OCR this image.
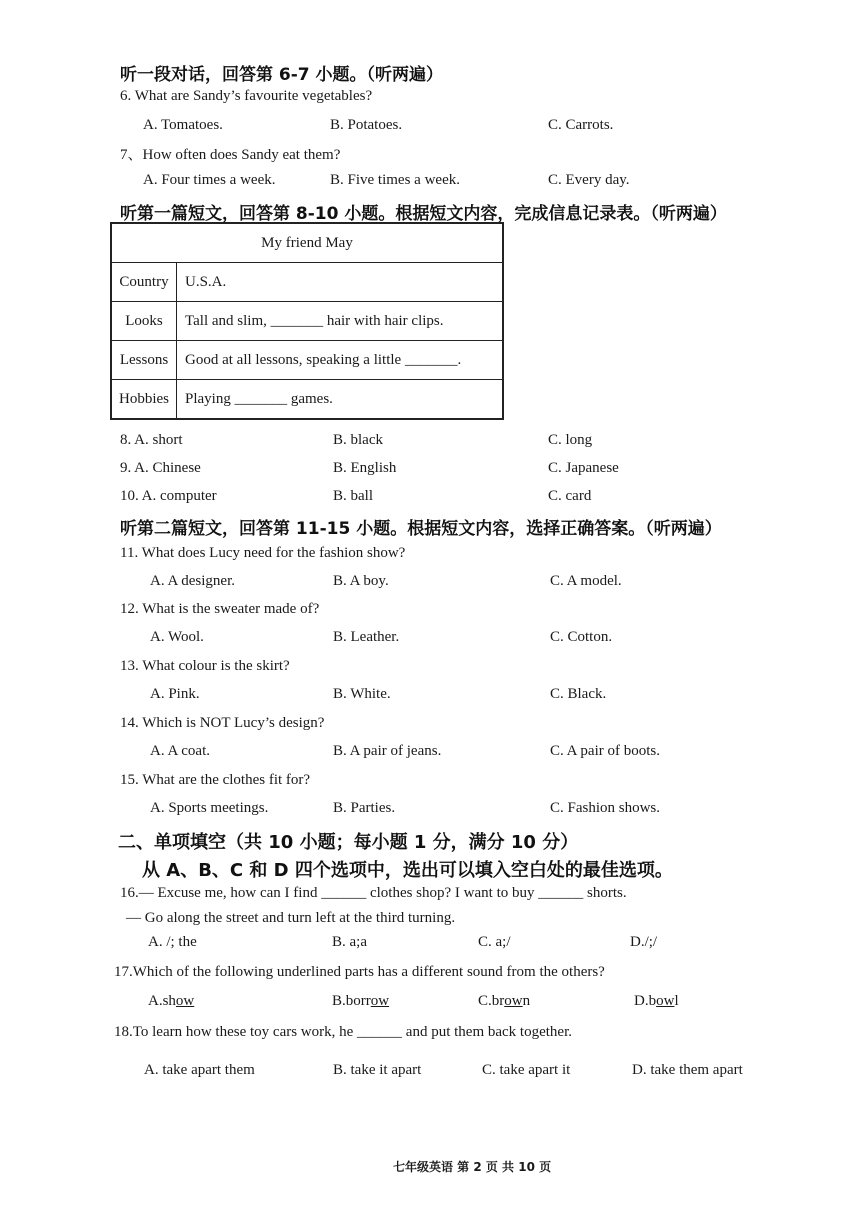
听一段对话，回答第 6-7 小题。（听两遍）
6. What are Sandy’s favourite vegetables?
A. Tomatoes.	B. Potatoes.	C. Carrots.
7、How often does Sandy eat them?
A. Four times a week.	B. Five times a week.	C. Every day.
听第一篇短文，回答第 8-10 小题。根据短文内容，完成信息记录表。（听两遍）
My friend May	
Country	U.S.A.
Looks	Tall and slim, _______ hair with hair clips.
Lessons	Good at all lessons, speaking a little _______.
Hobbies	Playing _______ games.
8. A. short	B. black	C. long
9. A. Chinese	B. English	C. Japanese
10. A. computer	B. ball	C. card
听第二篇短文，回答第 11-15 小题。根据短文内容，选择正确答案。（听两遍）
11. What does Lucy need for the fashion show?
A. A designer.	B. A boy.	C. A model.
12. What is the sweater made of?
A. Wool.	B. Leather.	C. Cotton.
13. What colour is the skirt?
A. Pink.	B. White.	C. Black.
14. Which is NOT Lucy’s design?
A. A coat.	B. A pair of jeans.	C. A pair of boots.
15. What are the clothes fit for?
A. Sports meetings.	B. Parties.	C. Fashion shows.
二、单项填空（共 10 小题；每小题 1 分，满分 10 分）
从 A、B、C 和 D 四个选项中，选出可以填入空白处的最佳选项。
16.— Excuse me, how can I find ______ clothes shop? I want to buy ______ shorts.
— Go along the street and turn left at the third turning.
A. /; the	B. a;a	C. a;/	D./;/
17.Which of the following underlined parts has a different sound from the others?
A.show	B.borrow	C.brown	D.bowl
18.To learn how these toy cars work, he ______ and put them back together.
A. take apart them	B. take it apart	C. take apart it	D. take them apart
七年级英语 第 2 页 共 10 页
